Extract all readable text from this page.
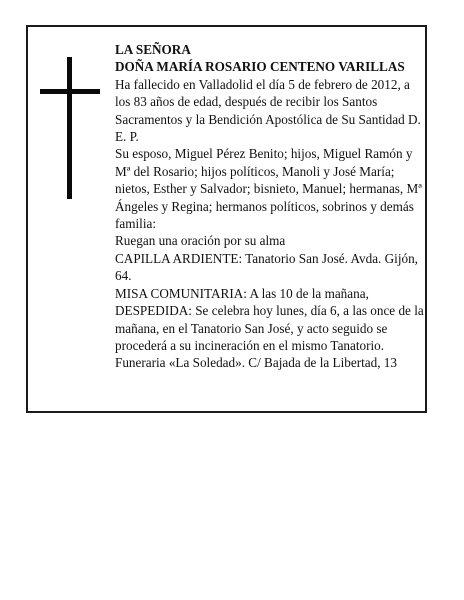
LA SEÑORA

DOÑA MARÍA ROSARIO CENTENO VARILLAS

Ha fallecido en Valladolid el día 5 de febrero de 2012, a los 83 años de edad, después de recibir los Santos Sacramentos y la Bendición Apostólica de Su Santidad D. E. P.

Su esposo, Miguel Pérez Benito; hijos, Miguel Ramón y Mª del Rosario; hijos políticos, Manoli y José María; nietos, Esther y Salvador; bisnieto, Manuel; hermanas, Mª Ángeles y Regina; hermanos políticos, sobrinos y demás familia:

Ruegan una oración por su alma

CAPILLA ARDIENTE: Tanatorio San José. Avda. Gijón, 64.

MISA COMUNITARIA: A las 10 de la mañana,

DESPEDIDA: Se celebra hoy lunes, día 6, a las once de la mañana, en el Tanatorio San José, y acto seguido se procederá a su incineración en el mismo Tanatorio.

Funeraria «La Soledad». C/ Bajada de la Libertad, 13
